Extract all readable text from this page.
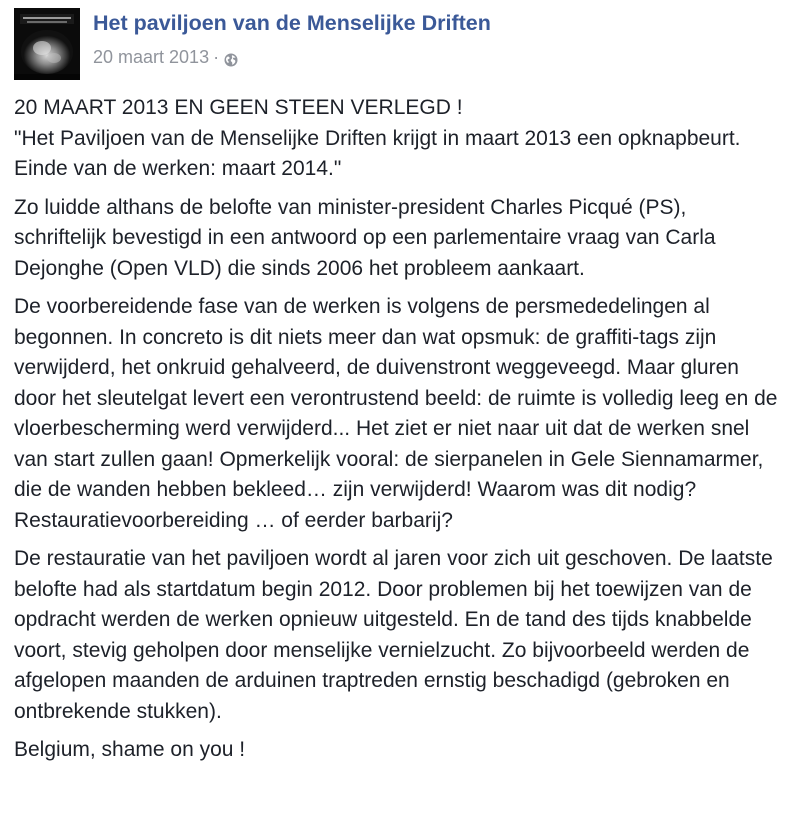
Het paviljoen van de Menselijke Driften
20 maart 2013 ·

20 MAART 2013 EN GEEN STEEN VERLEGD !
"Het Paviljoen van de Menselijke Driften krijgt in maart 2013 een opknapbeurt. Einde van de werken: maart 2014."

Zo luidde althans de belofte van minister-president Charles Picqué (PS), schriftelijk bevestigd in een antwoord op een parlementaire vraag van Carla Dejonghe (Open VLD) die sinds 2006 het probleem aankaart.

De voorbereidende fase van de werken is volgens de persmededelingen al begonnen. In concreto is dit niets meer dan wat opsmuk: de graffiti-tags zijn verwijderd, het onkruid gehalveerd, de duivenstront weggeveegd. Maar gluren door het sleutelgat levert een verontrustend beeld: de ruimte is volledig leeg en de vloerbescherming werd verwijderd... Het ziet er niet naar uit dat de werken snel van start zullen gaan! Opmerkelijk vooral: de sierpanelen in Gele Siennamarmer, die de wanden hebben bekleed… zijn verwijderd! Waarom was dit nodig? Restauratievoorbereiding … of eerder barbarij?

De restauratie van het paviljoen wordt al jaren voor zich uit geschoven. De laatste belofte had als startdatum begin 2012. Door problemen bij het toewijzen van de opdracht werden de werken opnieuw uitgesteld. En de tand des tijds knabbelde voort, stevig geholpen door menselijke vernielzucht. Zo bijvoorbeeld werden de afgelopen maanden de arduinen traptreden ernstig beschadigd (gebroken en ontbrekende stukken).

Belgium, shame on you !
